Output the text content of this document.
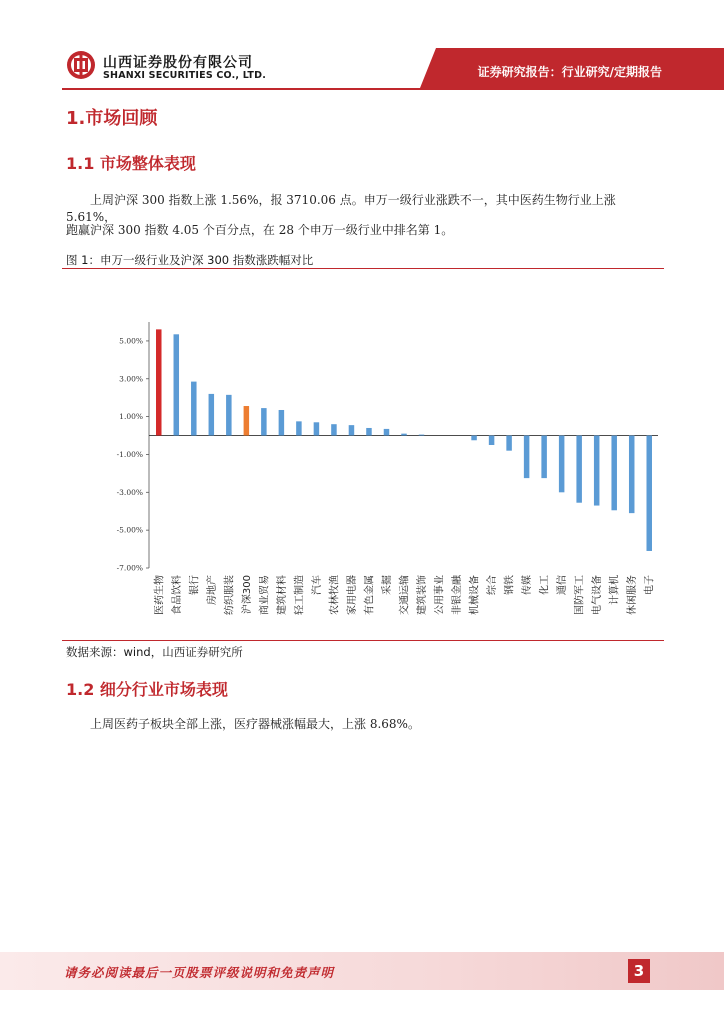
山西证券股份有限公司
SHANXI SECURITIES CO., LTD.	证券研究报告：行业研究/定期报告
1.市场回顾
1.1 市场整体表现
上周沪深 300 指数上涨 1.56%，报 3710.06 点。申万一级行业涨跌不一，其中医药生物行业上涨 5.61%，
跑赢沪深 300 指数 4.05 个百分点，在 28 个申万一级行业中排名第 1。
图 1：申万一级行业及沪深 300 指数涨跌幅对比
5.00%
3.00%
1.00%
-1.00%
-3.00%
-5.00%
-7.00%
医药生物 食品饮料 银行 房地产 纺织服装 沪深300 商业贸易 建筑材料 轻工制造 汽车 农林牧渔 家用电器 有色金属 采掘 交通运输 建筑装饰 公用事业 非银金融 机械设备 综合 钢铁 传媒 化工 通信 国防军工 电气设备 计算机 休闲服务 电子
数据来源：wind，山西证券研究所
1.2 细分行业市场表现
上周医药子板块全部上涨，医疗器械涨幅最大，上涨 8.68%。
请务必阅读最后一页股票评级说明和免责声明	3
